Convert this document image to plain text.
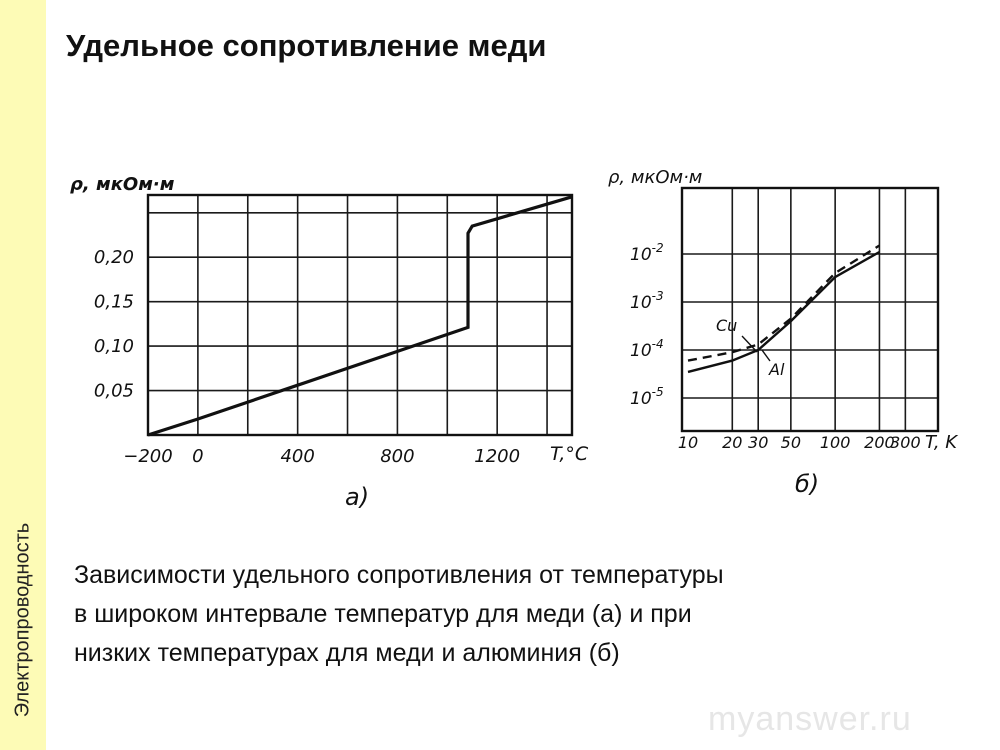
Электропроводность
Удельное сопротивление меди
−200 0	400	800	1200
0,05
0,10
0,15
0,20
ρ, мкОм·м
T,°C
а)
10 20 30 50 100 200
300
$10^{-5}$
$10^{-4}$
$10^{-3}$
$10^{-2}$
ρ, мкОм·м
T, K
б)
Cu
Al
Зависимости удельного сопротивления от температуры
в широком интервале температур для меди (а) и при
низких температурах для меди и алюминия (б)
myanswer.ru
